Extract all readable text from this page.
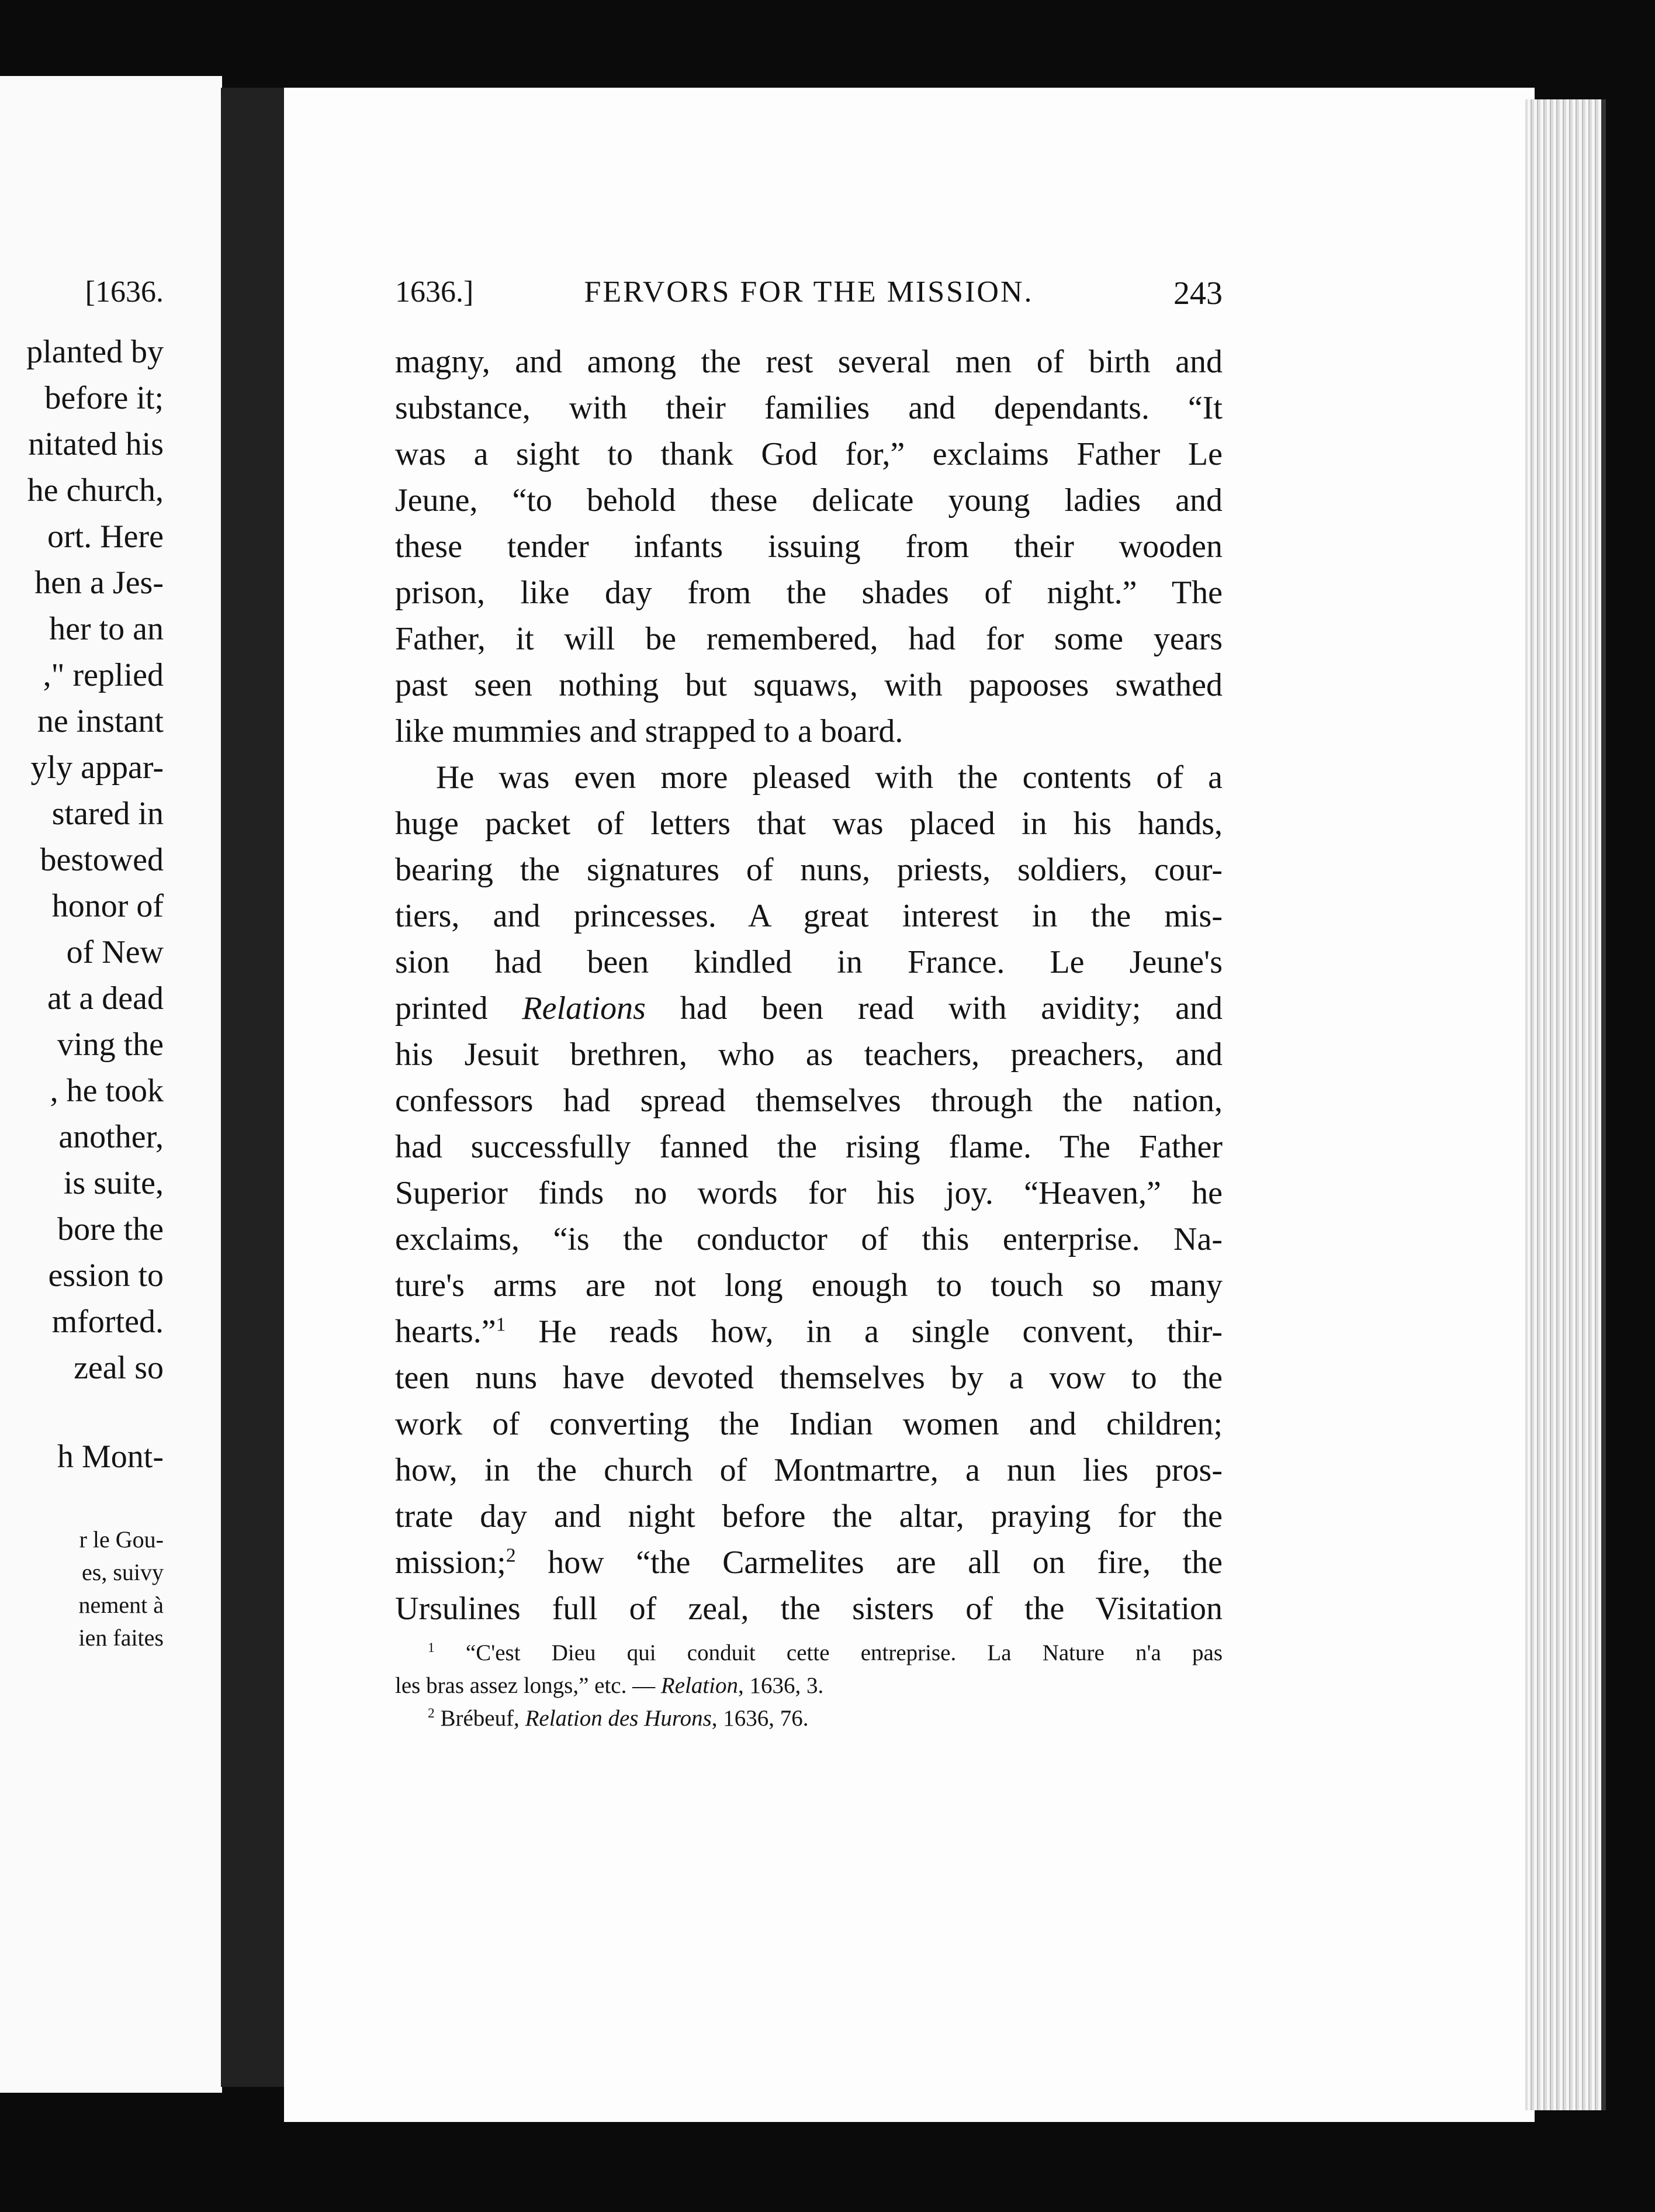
[1636.
planted by
before it;
nitated his
he church,
ort. Here
hen a Jes-
her to an
," replied
ne instant
yly appar-
stared in
bestowed
honor of
of New
at a dead
ving the
, he took
another,
is suite,
bore the
ession to
mforted.
zeal so
h Mont-
r le Gou-
es, suivy
nement à
ien faites
1636.]	FERVORS FOR THE MISSION.	243
magny, and among the rest several men of birth and
substance, with their families and dependants. “It
was a sight to thank God for,” exclaims Father Le
Jeune, “to behold these delicate young ladies and
these tender infants issuing from their wooden
prison, like day from the shades of night.” The
Father, it will be remembered, had for some years
past seen nothing but squaws, with papooses swathed
like mummies and strapped to a board.
He was even more pleased with the contents of a
huge packet of letters that was placed in his hands,
bearing the signatures of nuns, priests, soldiers, cour-
tiers, and princesses. A great interest in the mis-
sion had been kindled in France. Le Jeune's
printed Relations had been read with avidity; and
his Jesuit brethren, who as teachers, preachers, and
confessors had spread themselves through the nation,
had successfully fanned the rising flame. The Father
Superior finds no words for his joy. “Heaven,” he
exclaims, “is the conductor of this enterprise. Na-
ture's arms are not long enough to touch so many
hearts.”$^1$ He reads how, in a single convent, thir-
teen nuns have devoted themselves by a vow to the
work of converting the Indian women and children;
how, in the church of Montmartre, a nun lies pros-
trate day and night before the altar, praying for the
mission;$^2$ how “the Carmelites are all on fire, the
Ursulines full of zeal, the sisters of the Visitation
$^1$ “C'est Dieu qui conduit cette entreprise. La Nature n'a pas
les bras assez longs,” etc. — Relation, 1636, 3.
$^2$ Brébeuf, Relation des Hurons, 1636, 76.
